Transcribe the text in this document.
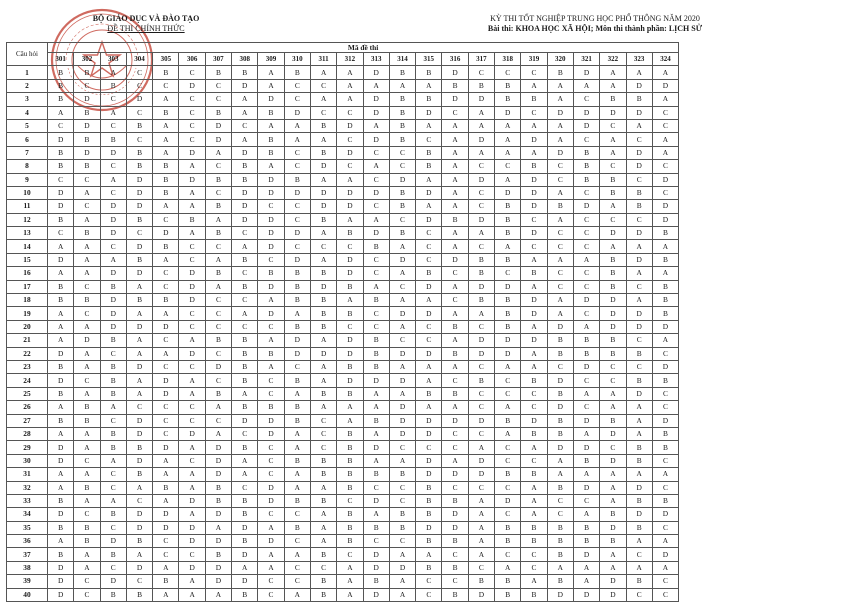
BỘ GIÁO DỤC VÀ ĐÀO TẠO
ĐỀ THI CHÍNH THỨC
KỲ THI TỐT NGHIỆP TRUNG HỌC PHỔ THÔNG NĂM 2020
Bài thi: KHOA HỌC XÃ HỘI; Môn thi thành phần: LỊCH SỬ
Câu hỏi	Mã đề thi																							
	301	302	303	304	305	306	307	308	309	310	311	312	313	314	315	316	317	318	319	320	321	322	323	324
1	B	B	A	C	B	C	B	B	A	B	A	A	D	B	B	D	C	C	C	B	D	A	A	A
2	B	C	B	C	C	D	C	D	A	C	C	A	A	A	A	B	B	B	A	A	A	A	D	D
3	B	D	C	D	A	C	C	A	D	C	A	A	D	B	B	D	D	B	B	A	C	B	B	A
4	A	B	A	C	B	C	B	A	B	D	C	C	D	B	D	C	A	D	C	D	D	D	D	C
5	C	D	C	B	A	C	D	C	A	A	B	D	A	B	A	A	A	A	A	A	D	C	A	C
6	D	B	B	C	A	C	D	A	B	A	A	C	D	B	C	A	D	A	D	A	C	A	C	A
7	B	D	D	B	A	D	A	D	B	C	B	D	C	C	B	A	A	A	A	D	B	A	D	A
8	B	B	C	B	B	A	C	B	A	C	D	C	A	C	B	A	C	C	B	C	B	C	D	C
9	C	C	A	D	B	D	B	B	D	B	A	A	C	D	A	A	D	A	D	C	B	B	C	D
10	D	A	C	D	B	A	C	D	D	D	D	D	D	B	D	A	C	D	D	A	C	B	B	C
11	D	C	D	D	A	A	B	D	C	C	D	D	C	B	A	A	C	B	D	B	D	A	B	D
12	B	A	D	B	C	B	A	D	D	C	B	A	A	C	D	B	D	B	C	A	C	C	C	D
13	C	B	D	C	D	A	B	C	D	D	A	B	D	B	C	A	A	B	D	C	C	D	D	B
14	A	A	C	D	B	C	C	A	D	C	C	C	B	A	C	A	C	A	C	C	C	A	A	A
15	D	A	A	B	A	C	A	B	C	D	A	D	C	D	C	D	B	B	A	A	A	B	D	B
16	A	A	D	D	C	D	B	C	B	B	B	D	C	A	B	C	B	C	B	C	C	B	A	A
17	B	C	B	A	C	D	A	B	D	B	D	B	A	C	D	A	D	D	A	C	C	B	C	B
18	B	B	D	B	B	D	C	C	A	B	B	A	B	A	A	C	B	B	D	A	D	D	A	B
19	A	C	D	A	A	C	C	A	D	A	B	B	C	D	D	A	A	B	D	A	C	D	D	B
20	A	A	D	D	D	C	C	C	C	B	B	C	C	A	C	B	C	B	A	D	A	D	D	D
21	A	D	B	A	C	A	B	B	A	D	A	D	B	C	C	A	D	D	D	B	B	B	C	A
22	D	A	C	A	A	D	C	B	B	D	D	D	B	D	D	B	D	D	A	B	B	B	B	C
23	B	A	B	D	C	C	D	B	A	C	A	B	B	A	A	A	C	A	A	C	D	C	C	D
24	D	C	B	A	D	A	C	B	C	B	A	D	D	D	A	C	B	C	B	D	C	C	B	B
25	B	A	B	A	D	A	B	A	C	A	B	B	A	A	B	B	C	C	C	B	A	A	D	C
26	A	B	A	C	C	C	A	B	B	B	A	A	A	D	A	A	C	A	C	D	C	A	A	C
27	B	B	C	D	C	C	C	D	D	B	C	A	B	D	D	D	D	B	D	B	D	B	A	D
28	A	A	B	D	C	D	A	C	D	A	C	B	A	D	D	C	C	A	B	B	A	D	A	B
29	D	A	B	B	D	A	D	B	C	A	C	B	D	C	C	C	A	C	A	D	D	C	B	B
30	D	C	A	D	A	C	D	A	C	B	B	B	A	A	D	A	D	C	C	A	B	D	B	C
31	A	A	C	B	A	A	D	A	C	A	B	B	B	B	D	D	D	B	B	A	A	A	A	A
32	A	B	C	A	B	A	B	C	D	A	A	B	C	C	B	C	C	C	A	B	D	A	D	C
33	B	A	A	C	A	D	B	B	D	B	B	C	D	C	B	B	A	D	A	C	C	A	B	B
34	D	C	B	D	D	A	D	B	C	C	A	B	A	B	B	D	A	C	A	C	A	B	D	D
35	B	B	C	D	D	D	A	D	A	B	A	B	B	B	D	D	A	B	B	B	B	D	B	C
36	A	B	D	B	C	D	D	B	D	C	A	B	C	C	B	B	A	B	B	B	B	B	A	A
37	B	A	B	A	C	C	B	D	A	A	B	C	D	A	A	C	A	C	C	B	D	A	C	D
38	D	A	C	D	A	D	D	A	A	C	C	A	D	D	B	B	C	A	C	A	A	A	A	A
39	D	C	D	C	B	A	D	D	C	C	B	A	B	A	C	C	B	B	A	B	A	D	B	C
40	D	C	B	B	A	A	A	B	C	A	B	A	D	A	C	B	D	B	B	D	D	D	C	C
